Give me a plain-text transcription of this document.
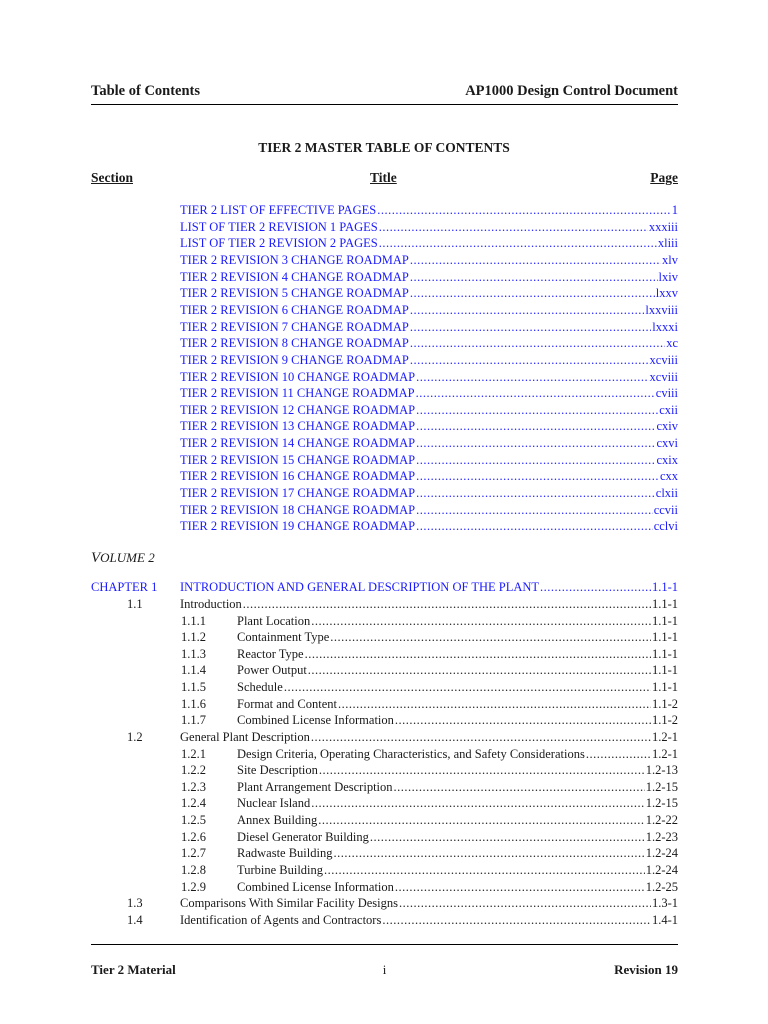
Table of Contents	AP1000 Design Control Document
TIER 2 MASTER TABLE OF CONTENTS
Section	Title	Page
TIER 2 LIST OF EFFECTIVE PAGES .....	1
LIST OF TIER 2 REVISION 1 PAGES .....	xxxiii
LIST OF TIER 2 REVISION 2 PAGES .....	xliii
TIER 2 REVISION 3 CHANGE ROADMAP .....	xlv
TIER 2 REVISION 4 CHANGE ROADMAP .....	lxiv
TIER 2 REVISION 5 CHANGE ROADMAP .....	lxxv
TIER 2 REVISION 6 CHANGE ROADMAP .....	lxxviii
TIER 2 REVISION 7 CHANGE ROADMAP .....	lxxxi
TIER 2 REVISION 8 CHANGE ROADMAP .....	xc
TIER 2 REVISION 9 CHANGE ROADMAP .....	xcviii
TIER 2 REVISION 10 CHANGE ROADMAP .....	xcviii
TIER 2 REVISION 11 CHANGE ROADMAP .....	cviii
TIER 2 REVISION 12 CHANGE ROADMAP .....	cxii
TIER 2 REVISION 13 CHANGE ROADMAP .....	cxiv
TIER 2 REVISION 14 CHANGE ROADMAP .....	cxvi
TIER 2 REVISION 15 CHANGE ROADMAP .....	cxix
TIER 2 REVISION 16 CHANGE ROADMAP .....	cxx
TIER 2 REVISION 17 CHANGE ROADMAP .....	clxii
TIER 2 REVISION 18 CHANGE ROADMAP .....	ccvii
TIER 2 REVISION 19 CHANGE ROADMAP .....	cclvi
VOLUME 2
CHAPTER 1 INTRODUCTION AND GENERAL DESCRIPTION OF THE PLANT .....	1.1-1
1.1	Introduction .....	1.1-1
1.1.1 Plant Location .....	1.1-1
1.1.2 Containment Type .....	1.1-1
1.1.3 Reactor Type .....	1.1-1
1.1.4 Power Output .....	1.1-1
1.1.5 Schedule .....	1.1-1
1.1.6 Format and Content .....	1.1-2
1.1.7 Combined License Information .....	1.1-2
1.2	General Plant Description .....	1.2-1
1.2.1 Design Criteria, Operating Characteristics, and Safety Considerations .....	1.2-1
1.2.2 Site Description .....	1.2-13
1.2.3 Plant Arrangement Description .....	1.2-15
1.2.4 Nuclear Island .....	1.2-15
1.2.5 Annex Building .....	1.2-22
1.2.6 Diesel Generator Building .....	1.2-23
1.2.7 Radwaste Building .....	1.2-24
1.2.8 Turbine Building .....	1.2-24
1.2.9 Combined License Information .....	1.2-25
1.3	Comparisons With Similar Facility Designs .....	1.3-1
1.4	Identification of Agents and Contractors .....	1.4-1
Tier 2 Material	i	Revision 19
